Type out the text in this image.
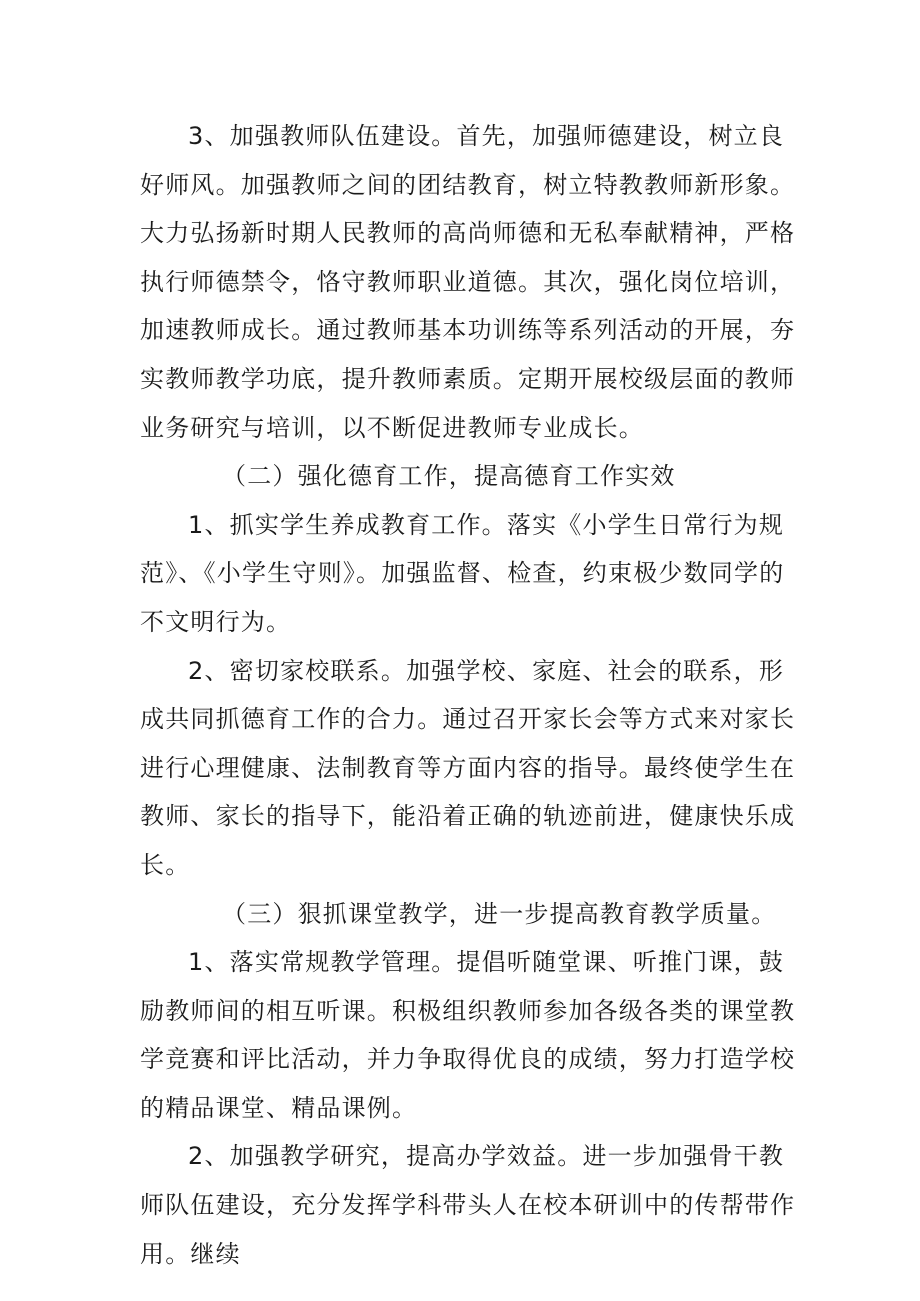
3、加强教师队伍建设。首先，加强师德建设，树立良好师风。加强教师之间的团结教育，树立特教教师新形象。大力弘扬新时期人民教师的高尚师德和无私奉献精神，严格执行师德禁令，恪守教师职业道德。其次，强化岗位培训，加速教师成长。通过教师基本功训练等系列活动的开展，夯实教师教学功底，提升教师素质。定期开展校级层面的教师业务研究与培训，以不断促进教师专业成长。

（二）强化德育工作，提高德育工作实效

1、抓实学生养成教育工作。落实《小学生日常行为规范》、《小学生守则》。加强监督、检查，约束极少数同学的不文明行为。

2、密切家校联系。加强学校、家庭、社会的联系，形成共同抓德育工作的合力。通过召开家长会等方式来对家长进行心理健康、法制教育等方面内容的指导。最终使学生在教师、家长的指导下，能沿着正确的轨迹前进，健康快乐成长。

（三）狠抓课堂教学，进一步提高教育教学质量。

1、落实常规教学管理。提倡听随堂课、听推门课，鼓励教师间的相互听课。积极组织教师参加各级各类的课堂教学竞赛和评比活动，并力争取得优良的成绩，努力打造学校的精品课堂、精品课例。

2、加强教学研究，提高办学效益。进一步加强骨干教师队伍建设，充分发挥学科带头人在校本研训中的传帮带作用。继续
